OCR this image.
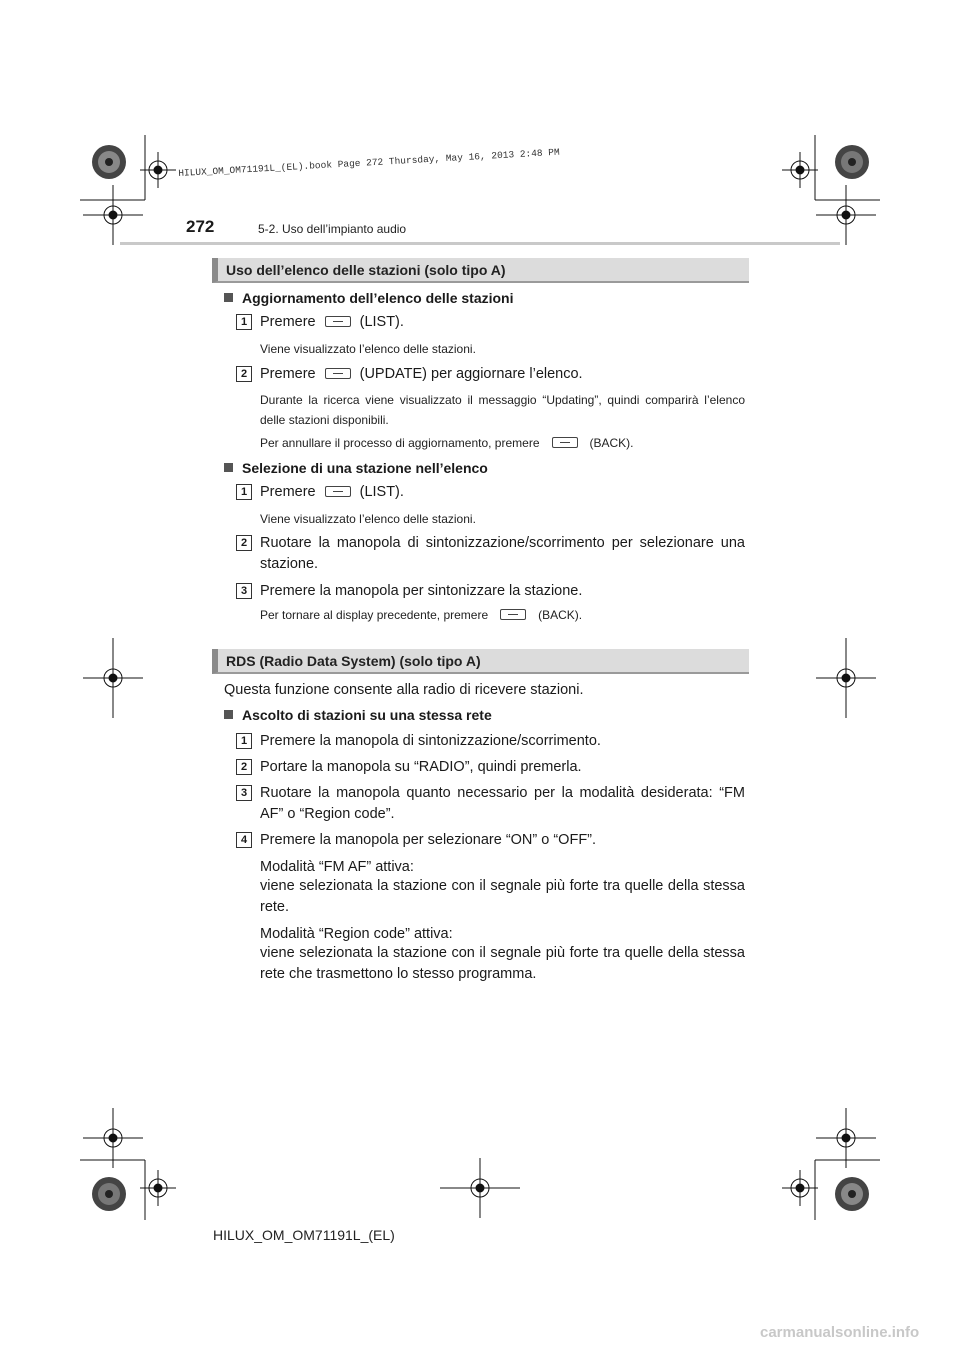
HILUX_OM_OM71191L_(EL).book Page 272 Thursday, May 16, 2013 2:48 PM
272	5-2. Uso dell’impianto audio
Uso dell’elenco delle stazioni (solo tipo A)
Aggiornamento dell’elenco delle stazioni
1 Premere	(LIST).
Viene visualizzato l’elenco delle stazioni.
2 Premere	(UPDATE) per aggiornare l’elenco.
Durante la ricerca viene visualizzato il messaggio “Updating”, quindi comparirà l’elenco delle stazioni disponibili.
Per annullare il processo di aggiornamento, premere	(BACK).
Selezione di una stazione nell’elenco
1 Premere	(LIST).
Viene visualizzato l’elenco delle stazioni.
2 Ruotare la manopola di sintonizzazione/scorrimento per selezionare una stazione.
3 Premere la manopola per sintonizzare la stazione.
Per tornare al display precedente, premere	(BACK).
RDS (Radio Data System) (solo tipo A)
Questa funzione consente alla radio di ricevere stazioni.
Ascolto di stazioni su una stessa rete
1 Premere la manopola di sintonizzazione/scorrimento.
2 Portare la manopola su “RADIO”, quindi premerla.
3 Ruotare la manopola quanto necessario per la modalità desiderata: “FM AF” o “Region code”.
4 Premere la manopola per selezionare “ON” o “OFF”.
Modalità “FM AF” attiva:
viene selezionata la stazione con il segnale più forte tra quelle della stessa rete.
Modalità “Region code” attiva:
viene selezionata la stazione con il segnale più forte tra quelle della stessa rete che trasmettono lo stesso programma.
HILUX_OM_OM71191L_(EL)
carmanualsonline.info
